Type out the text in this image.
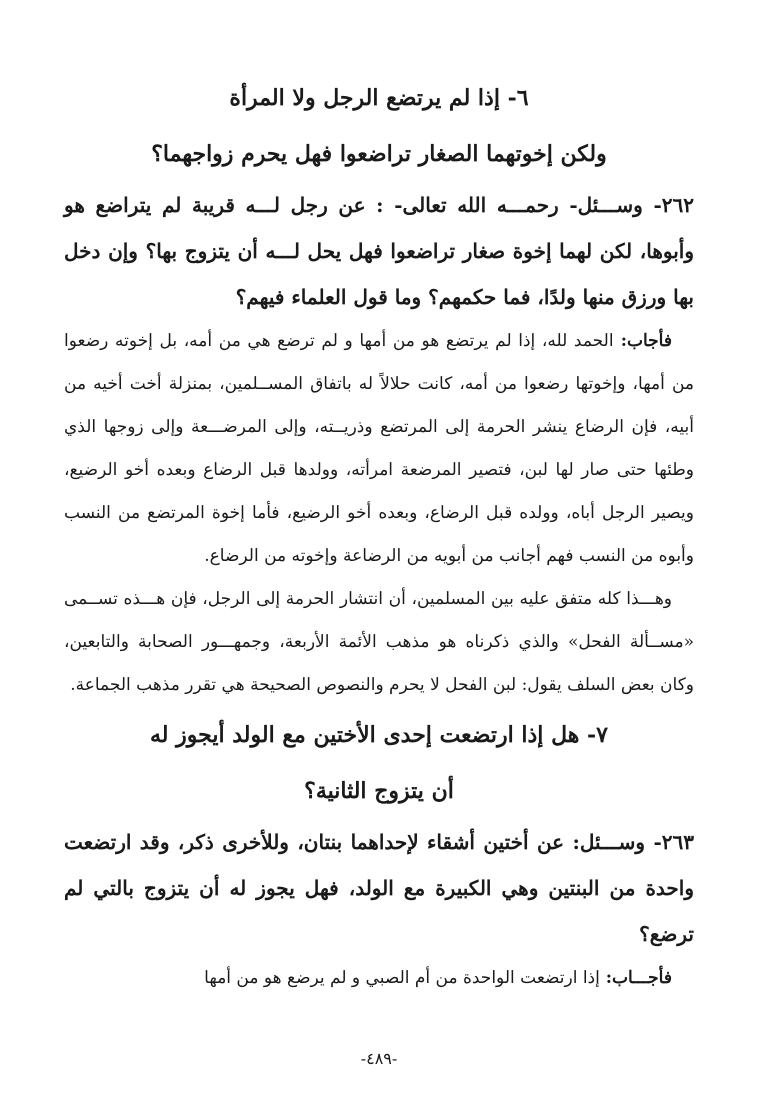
٦- إذا لم يرتضع الرجل ولا المرأة
ولكن إخوتهما الصغار تراضعوا فهل يحرم زواجهما؟

٢٦٢- وســـئل- رحمـــه الله تعالى- : عن رجل لـــه قريبة لم يتراضع هو وأبوها، لكن لهما إخوة صغار تراضعوا فهل يحل لـــه أن يتزوج بها؟ وإن دخل بها ورزق منها ولدًا، فما حكمهم؟ وما قول العلماء فيهم؟

فأجاب: الحمد لله، إذا لم يرتضع هو من أمها و لم ترضع هي من أمه، بل إخوته رضعوا من أمها، وإخوتها رضعوا من أمه، كانت حلالاً له باتفاق المســلمين، بمنزلة أخت أخيه من أبيه، فإن الرضاع ينشر الحرمة إلى المرتضع وذريــته، وإلى المرضـــعة وإلى زوجها الذي وطئها حتى صار لها لبن، فتصير المرضعة امرأته، وولدها قبل الرضاع وبعده أخو الرضيع، ويصير الرجل أباه، وولده قبل الرضاع، وبعده أخو الرضيع، فأما إخوة المرتضع من النسب وأبوه من النسب فهم أجانب من أبويه من الرضاعة وإخوته من الرضاع.

وهـــذا كله متفق عليه بين المسلمين، أن انتشار الحرمة إلى الرجل، فإن هـــذه تســمى «مســألة الفحل» والذي ذكرناه هو مذهب الأئمة الأربعة، وجمهـــور الصحابة والتابعين، وكان بعض السلف يقول: لبن الفحل لا يحرم والنصوص الصحيحة هي تقرر مذهب الجماعة.

٧- هل إذا ارتضعت إحدى الأختين مع الولد أيجوز له
أن يتزوج الثانية؟

٢٦٣- وســـئل: عن أختين أشقاء لإحداهما بنتان، وللأخرى ذكر، وقد ارتضعت واحدة من البنتين وهي الكبيرة مع الولد، فهل يجوز له أن يتزوج بالتي لم ترضع؟

فأجـــاب: إذا ارتضعت الواحدة من أم الصبي و لم يرضع هو من أمها

-٤٨٩-
